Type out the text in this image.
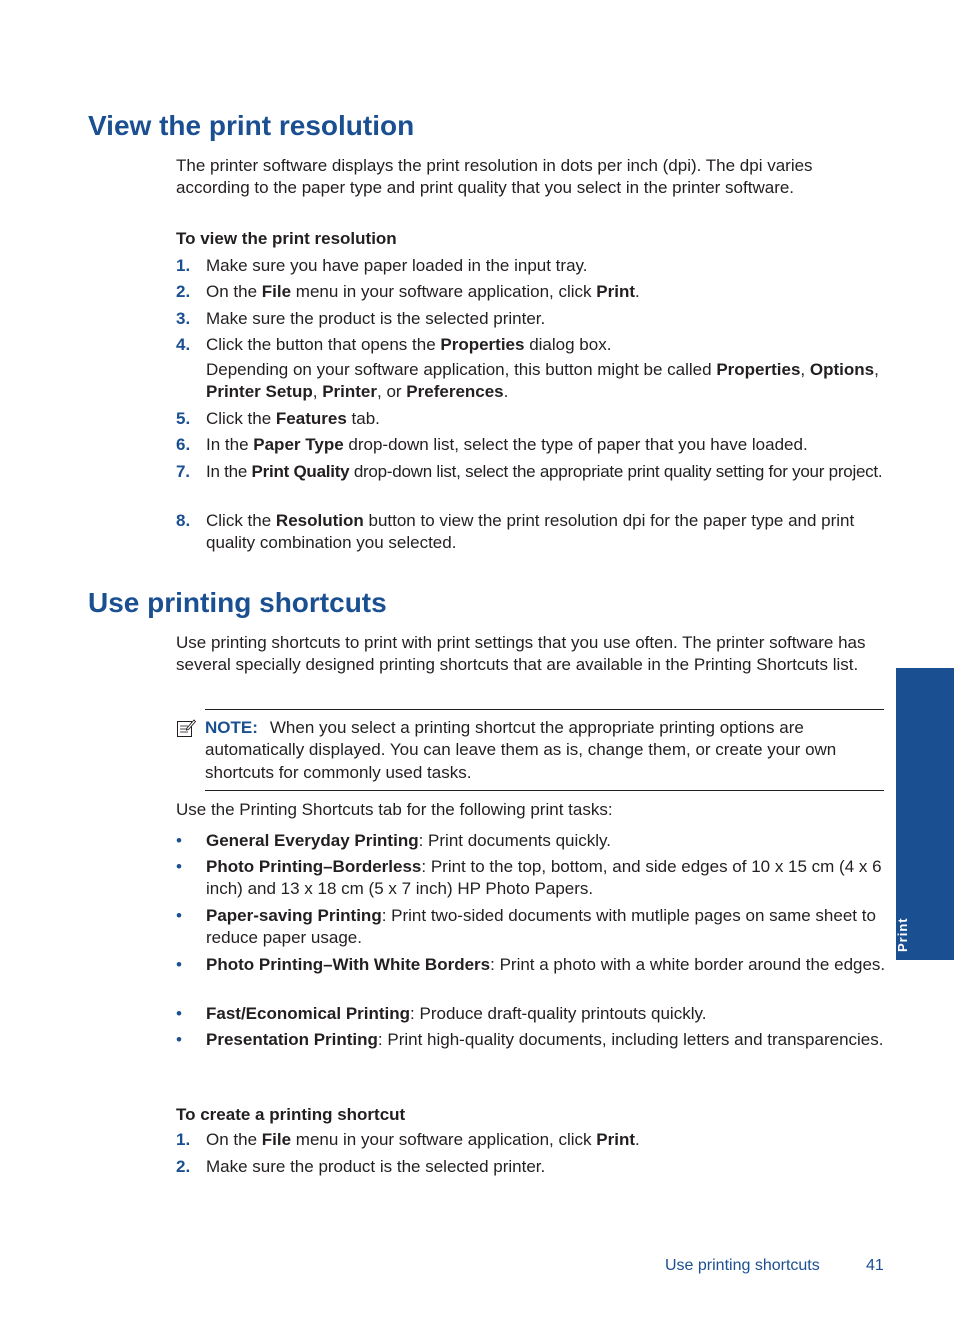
View the print resolution

The printer software displays the print resolution in dots per inch (dpi). The dpi varies according to the paper type and print quality that you select in the printer software.

To view the print resolution

1. Make sure you have paper loaded in the input tray.
2. On the File menu in your software application, click Print.
3. Make sure the product is the selected printer.
4. Click the button that opens the Properties dialog box.
Depending on your software application, this button might be called Properties, Options, Printer Setup, Printer, or Preferences.
5. Click the Features tab.
6. In the Paper Type drop-down list, select the type of paper that you have loaded.
7. In the Print Quality drop-down list, select the appropriate print quality setting for your project.
8. Click the Resolution button to view the print resolution dpi for the paper type and print quality combination you selected.
Use printing shortcuts

Use printing shortcuts to print with print settings that you use often. The printer software has several specially designed printing shortcuts that are available in the Printing Shortcuts list.

NOTE: When you select a printing shortcut the appropriate printing options are automatically displayed. You can leave them as is, change them, or create your own shortcuts for commonly used tasks.

Use the Printing Shortcuts tab for the following print tasks:

• General Everyday Printing: Print documents quickly.
• Photo Printing–Borderless: Print to the top, bottom, and side edges of 10 x 15 cm (4 x 6 inch) and 13 x 18 cm (5 x 7 inch) HP Photo Papers.
• Paper-saving Printing: Print two-sided documents with mutliple pages on same sheet to reduce paper usage.
• Photo Printing–With White Borders: Print a photo with a white border around the edges.
• Fast/Economical Printing: Produce draft-quality printouts quickly.
• Presentation Printing: Print high-quality documents, including letters and transparencies.

To create a printing shortcut

1. On the File menu in your software application, click Print.
2. Make sure the product is the selected printer.
Print
Use printing shortcuts	41
